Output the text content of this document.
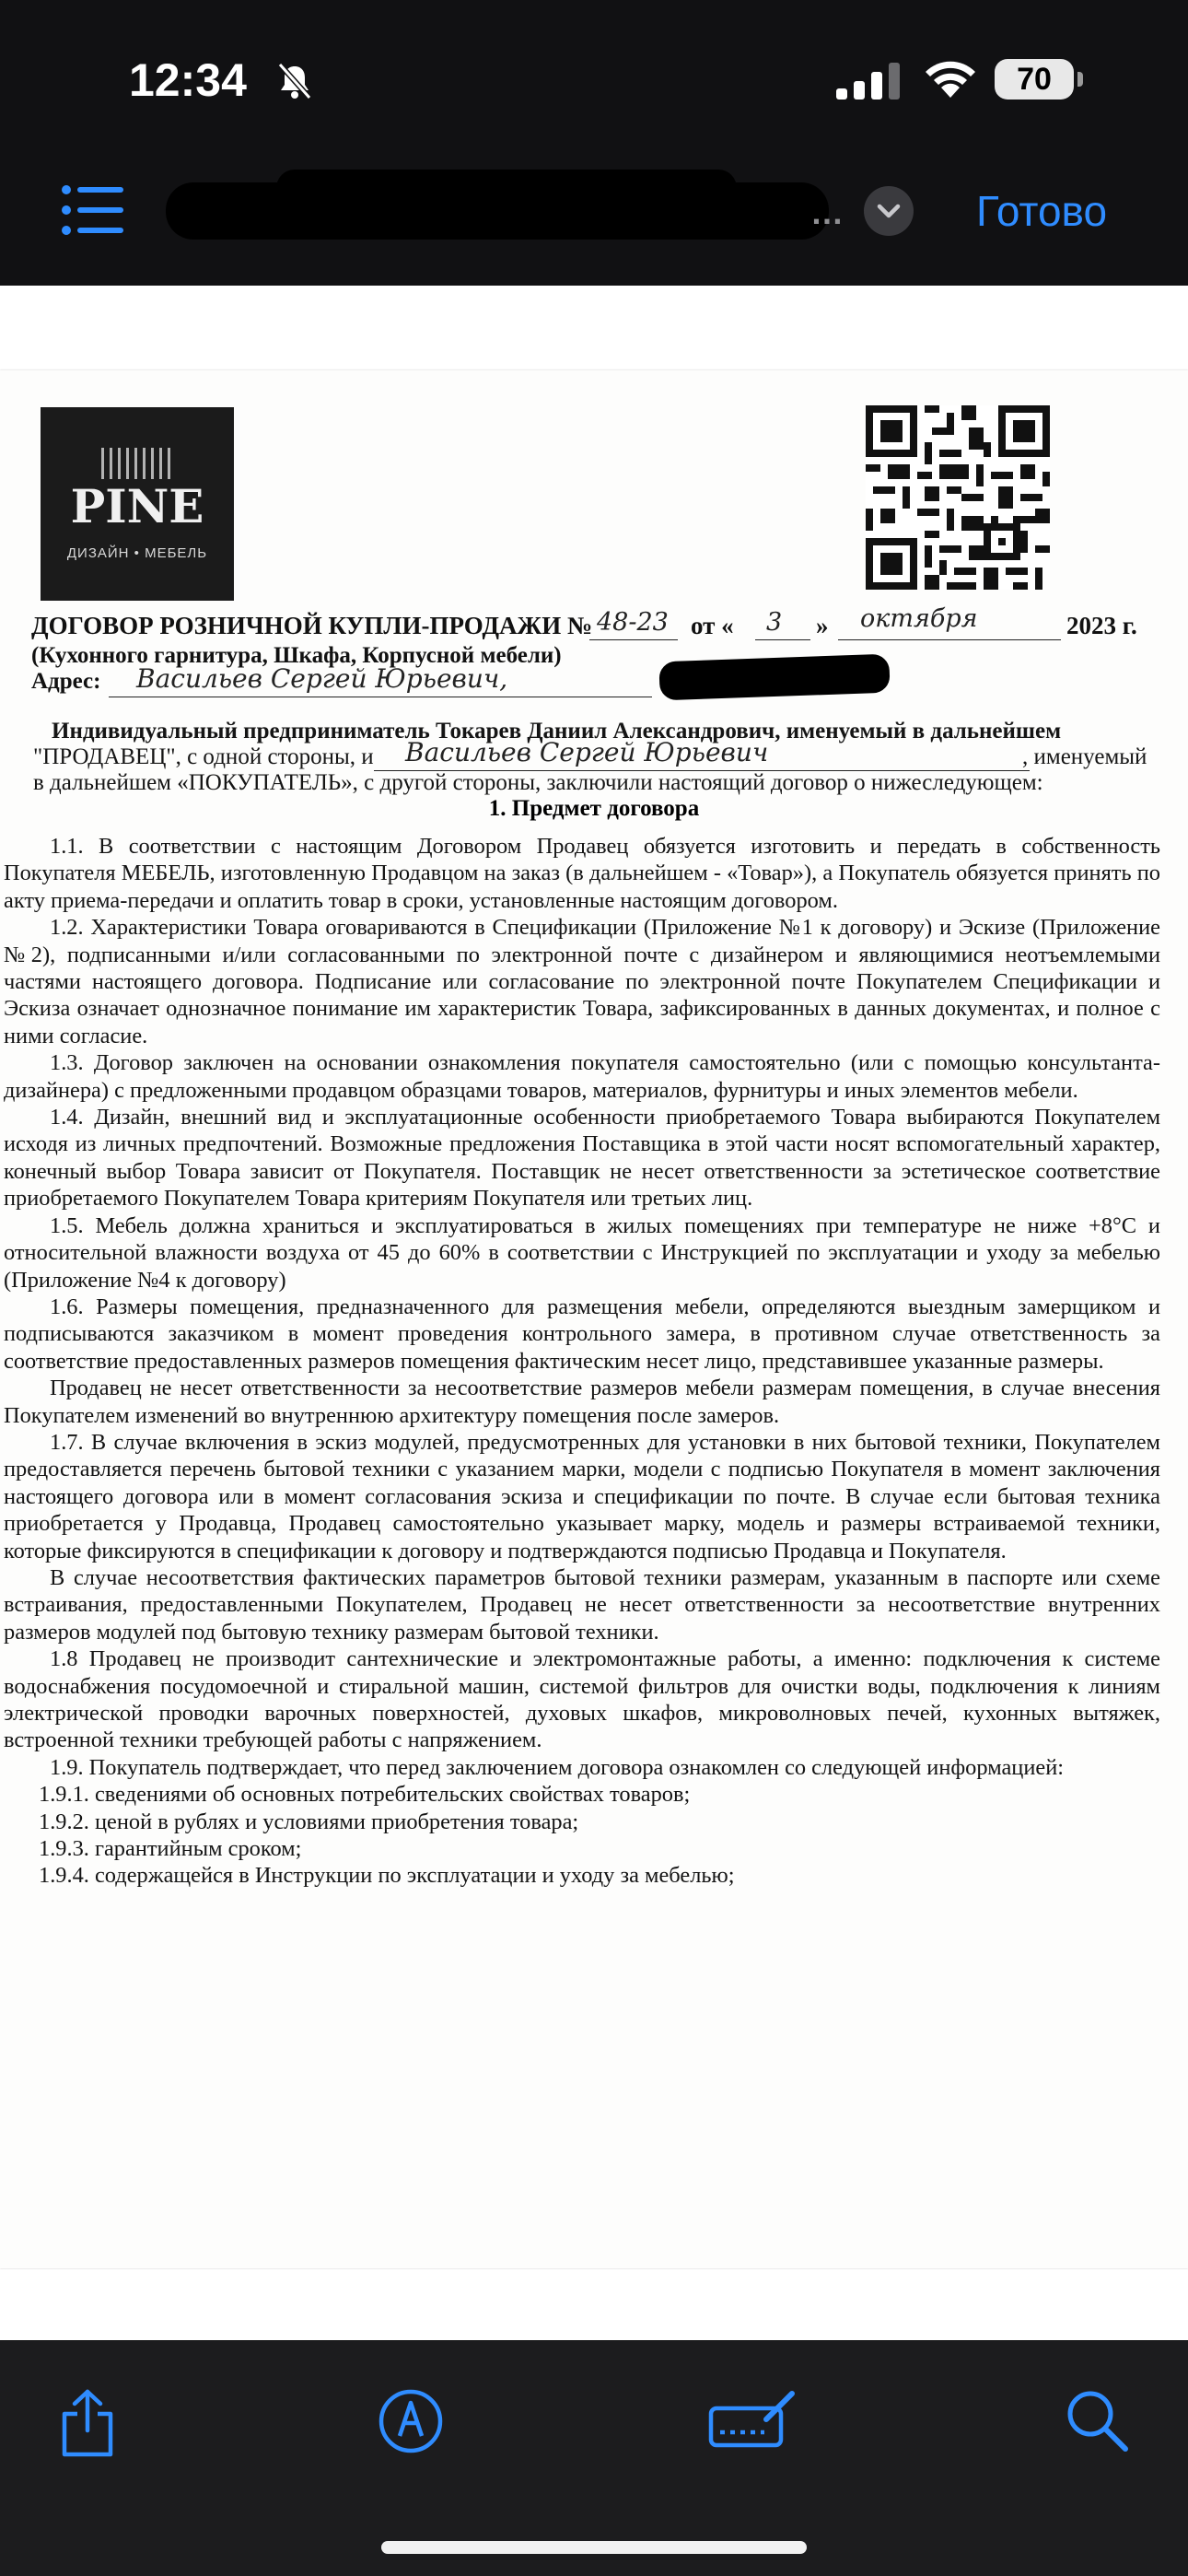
12:34	70
…	Готово
PINE
ДИЗАЙН • МЕБЕЛЬ
ДОГОВОР РОЗНИЧНОЙ КУПЛИ-ПРОДАЖИ № 48-23 от « 3 » октября	2023 г.
(Кухонного гарнитура, Шкафа, Корпусной мебели)
Адрес: Васильев Сергей Юрьевич,
Индивидуальный предприниматель Токарев Даниил Александрович, именуемый в дальнейшем
"ПРОДАВЕЦ", с одной стороны, и	Васильев Сергей Юрьевич	, именуемый
в дальнейшем «ПОКУПАТЕЛЬ», с другой стороны, заключили настоящий договор о нижеследующем:
1. Предмет договора

1.1. В соответствии с настоящим Договором Продавец обязуется изготовить и передать в собственность Покупателя МЕБЕЛЬ, изготовленную Продавцом на заказ (в дальнейшем - «Товар»), а Покупатель обязуется принять по акту приема-передачи и оплатить товар в сроки, установленные настоящим договором.

1.2. Характеристики Товара оговариваются в Спецификации (Приложение №1 к договору) и Эскизе (Приложение №2), подписанными и/или согласованными по электронной почте с дизайнером и являющимися неотъемлемыми частями настоящего договора. Подписание или согласование по электронной почте Покупателем Спецификации и Эскиза означает однозначное понимание им характеристик Товара, зафиксированных в данных документах, и полное с ними согласие.

1.3. Договор заключен на основании ознакомления покупателя самостоятельно (или с помощью консультанта-дизайнера) с предложенными продавцом образцами товаров, материалов, фурнитуры и иных элементов мебели.

1.4. Дизайн, внешний вид и эксплуатационные особенности приобретаемого Товара выбираются Покупателем исходя из личных предпочтений. Возможные предложения Поставщика в этой части носят вспомогательный характер, конечный выбор Товара зависит от Покупателя. Поставщик не несет ответственности за эстетическое соответствие приобретаемого Покупателем Товара критериям Покупателя или третьих лиц.

1.5. Мебель должна храниться и эксплуатироваться в жилых помещениях при температуре не ниже +8°С и относительной влажности воздуха от 45 до 60% в соответствии с Инструкцией по эксплуатации и уходу за мебелью (Приложение №4 к договору)

1.6. Размеры помещения, предназначенного для размещения мебели, определяются выездным замерщиком и подписываются заказчиком в момент проведения контрольного замера, в противном случае ответственность за соответствие предоставленных размеров помещения фактическим несет лицо, представившее указанные размеры.

Продавец не несет ответственности за несоответствие размеров мебели размерам помещения, в случае внесения Покупателем изменений во внутреннюю архитектуру помещения после замеров.

1.7. В случае включения в эскиз модулей, предусмотренных для установки в них бытовой техники, Покупателем предоставляется перечень бытовой техники с указанием марки, модели с подписью Покупателя в момент заключения настоящего договора или в момент согласования эскиза и спецификации по почте. В случае если бытовая техника приобретается у Продавца, Продавец самостоятельно указывает марку, модель и размеры встраиваемой техники, которые фиксируются в спецификации к договору и подтверждаются подписью Продавца и Покупателя.

В случае несоответствия фактических параметров бытовой техники размерам, указанным в паспорте или схеме встраивания, предоставленными Покупателем, Продавец не несет ответственности за несоответствие внутренних размеров модулей под бытовую технику размерам бытовой техники.

1.8 Продавец не производит сантехнические и электромонтажные работы, а именно: подключения к системе водоснабжения посудомоечной и стиральной машин, системой фильтров для очистки воды, подключения к линиям электрической проводки варочных поверхностей, духовых шкафов, микроволновых печей, кухонных вытяжек, встроенной техники требующей работы с напряжением.

1.9. Покупатель подтверждает, что перед заключением договора ознакомлен со следующей информацией:

1.9.1. сведениями об основных потребительских свойствах товаров;

1.9.2. ценой в рублях и условиями приобретения товара;

1.9.3. гарантийным сроком;

1.9.4. содержащейся в Инструкции по эксплуатации и уходу за мебелью;
